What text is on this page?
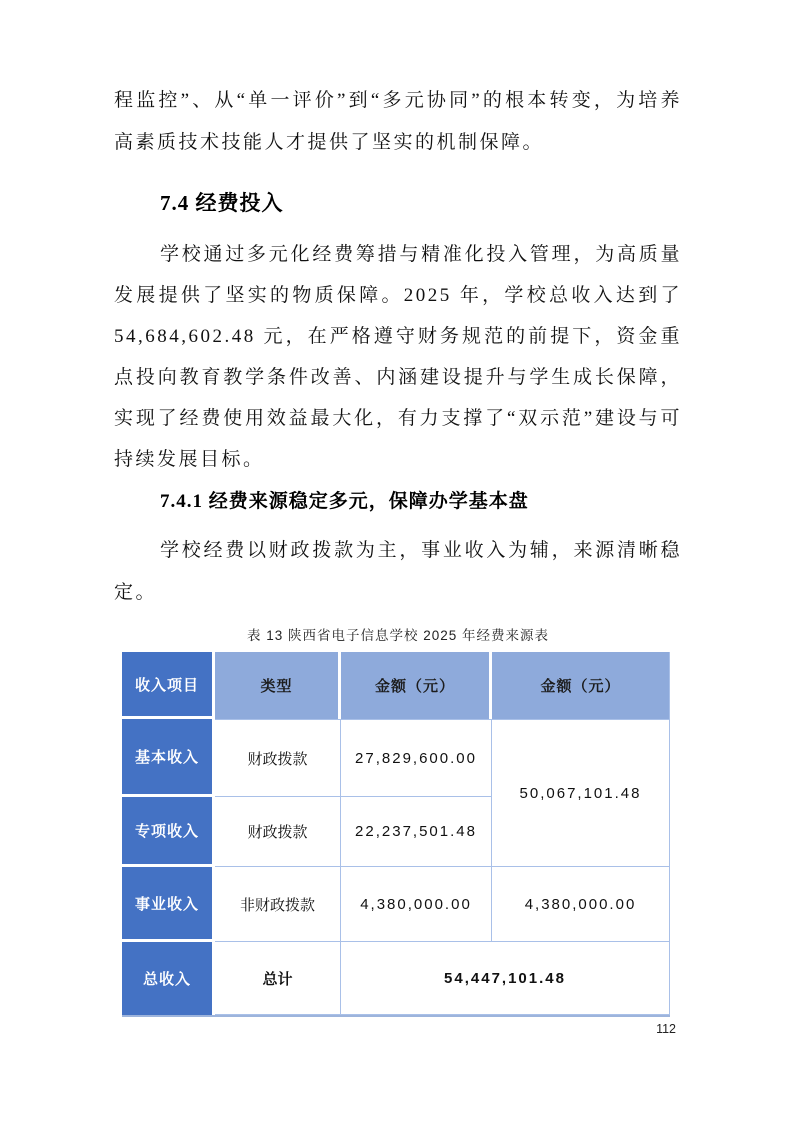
程监控”、从“单一评价”到“多元协同”的根本转变，为培养高素质技术技能人才提供了坚实的机制保障。

7.4 经费投入

学校通过多元化经费筹措与精准化投入管理，为高质量发展提供了坚实的物质保障。2025 年，学校总收入达到了 54,684,602.48 元，在严格遵守财务规范的前提下，资金重点投向教育教学条件改善、内涵建设提升与学生成长保障，实现了经费使用效益最大化，有力支撑了“双示范”建设与可持续发展目标。

7.4.1 经费来源稳定多元，保障办学基本盘

学校经费以财政拨款为主，事业收入为辅，来源清晰稳定。

表 13 陕西省电子信息学校 2025 年经费来源表
收入项目	类型	金额（元）	金额（元）
基本收入	财政拨款	27,829,600.00	50,067,101.48
专项收入	财政拨款	22,237,501.48	
事业收入	非财政拨款	4,380,000.00	4,380,000.00
总收入	总计	54,447,101.48	
112
